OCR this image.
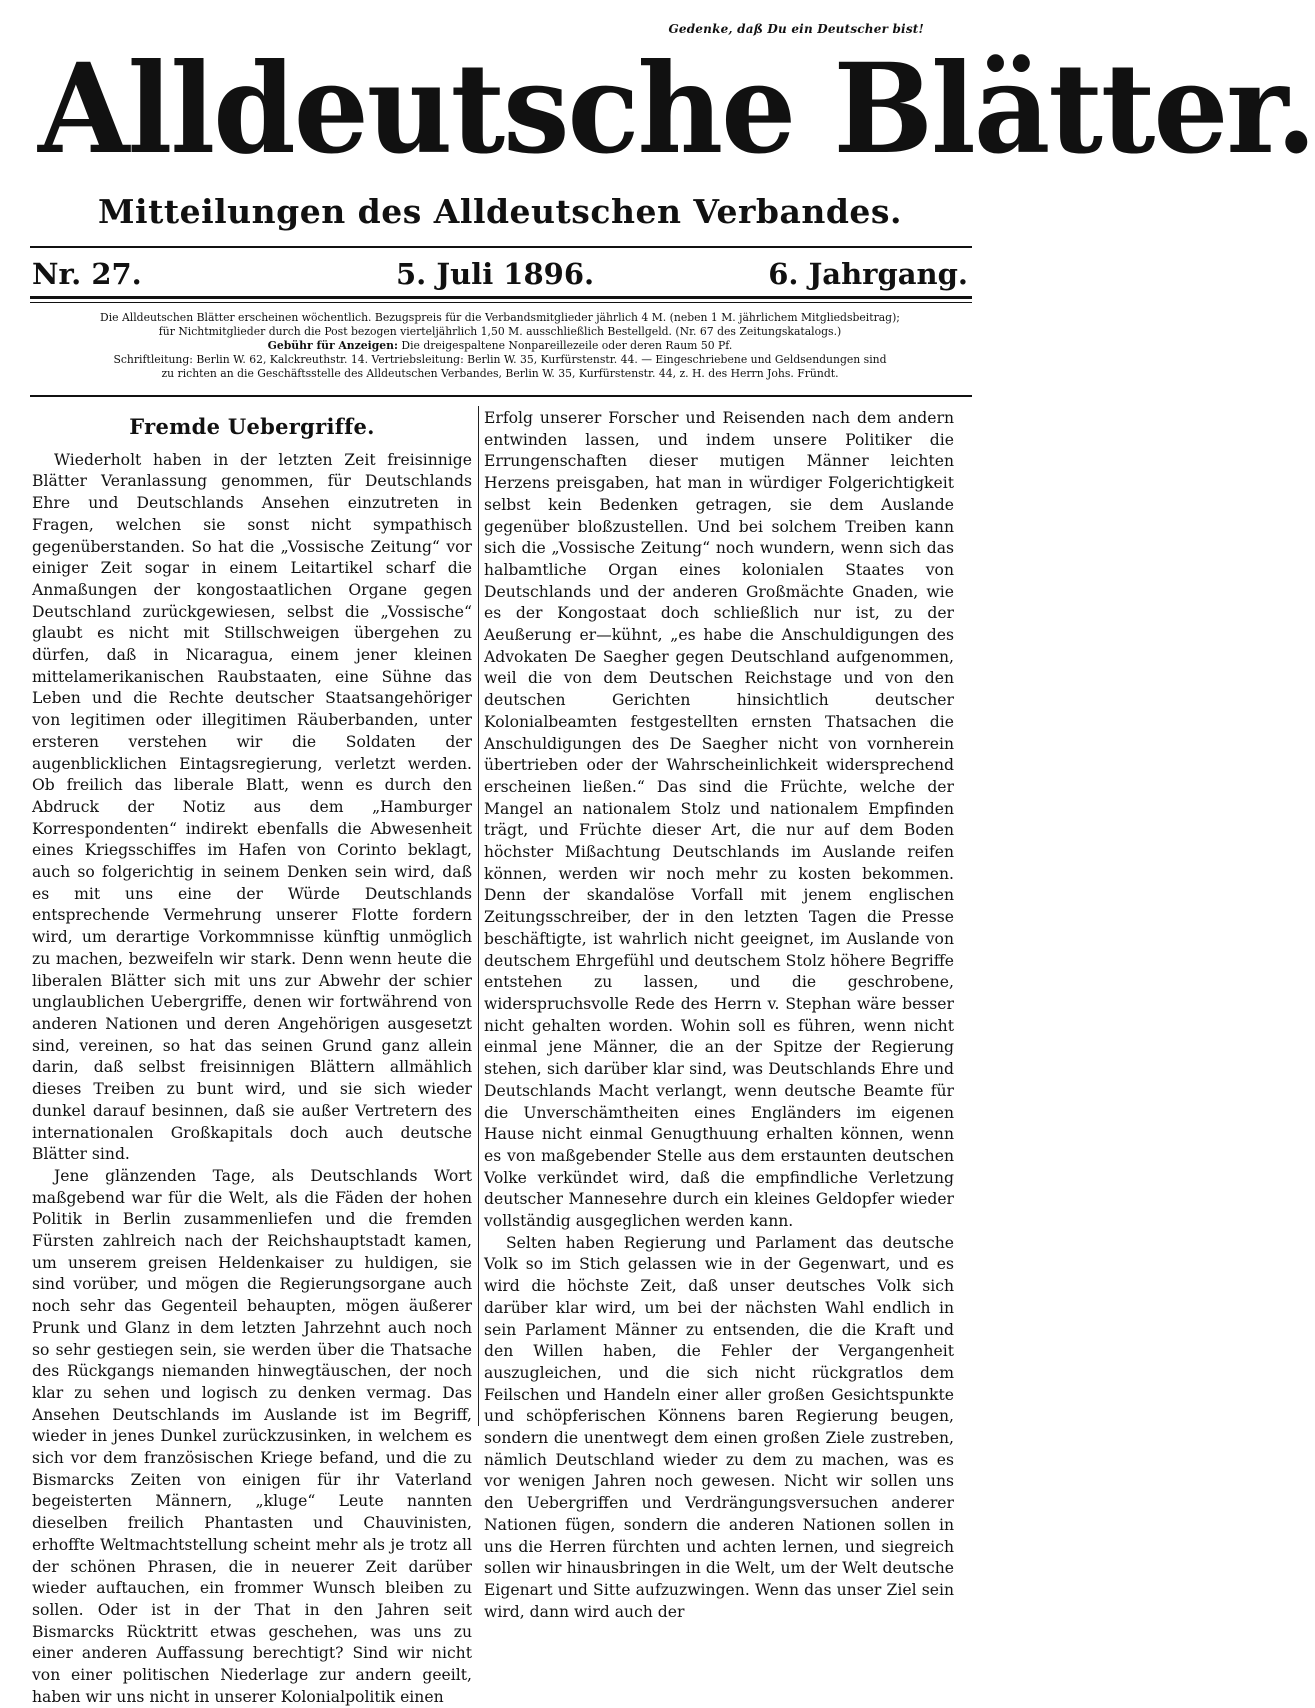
Gedenke, daß Du ein Deutscher bist!
Alldeutsche Blätter.
Mitteilungen des Alldeutschen Verbandes.
Nr. 27.	5. Juli 1896.	6. Jahrgang.

Die Alldeutschen Blätter erscheinen wöchentlich. Bezugspreis für die Verbandsmitglieder jährlich 4 M. (neben 1 M. jährlichem Mitgliedsbeitrag);

für Nichtmitglieder durch die Post bezogen vierteljährlich 1,50 M. ausschließlich Bestellgeld. (Nr. 67 des Zeitungskatalogs.)

Gebühr für Anzeigen: Die dreigespaltene Nonpareillezeile oder deren Raum 50 Pf.

Schriftleitung: Berlin W. 62, Kalckreuthstr. 14. Vertriebsleitung: Berlin W. 35, Kurfürstenstr. 44. — Eingeschriebene und Geldsendungen sind

zu richten an die Geschäftsstelle des Alldeutschen Verbandes, Berlin W. 35, Kurfürstenstr. 44, z. H. des Herrn Johs. Fründt.

Fremde Uebergriffe.

Wiederholt haben in der letzten Zeit freisinnige Blätter Veranlassung genommen, für Deutschlands Ehre und Deutschlands Ansehen einzutreten in Fragen, welchen sie sonst nicht sympathisch gegenüberstanden. So hat die „Vossische Zeitung“ vor einiger Zeit sogar in einem Leitartikel scharf die Anmaßungen der kongostaatlichen Organe gegen Deutschland zurückgewiesen, selbst die „Vossische“ glaubt es nicht mit Stillschweigen übergehen zu dürfen, daß in Nicaragua, einem jener kleinen mittelamerikanischen Raubstaaten, eine Sühne das Leben und die Rechte deutscher Staatsangehöriger von legitimen oder illegitimen Räuberbanden, unter ersteren verstehen wir die Soldaten der augenblicklichen Eintagsregierung, verletzt werden. Ob freilich das liberale Blatt, wenn es durch den Abdruck der Notiz aus dem „Hamburger Korrespondenten“ indirekt ebenfalls die Abwesenheit eines Kriegsschiffes im Hafen von Corinto beklagt, auch so folgerichtig in seinem Denken sein wird, daß es mit uns eine der Würde Deutschlands entsprechende Vermehrung unserer Flotte fordern wird, um derartige Vorkommnisse künftig unmöglich zu machen, bezweifeln wir stark. Denn wenn heute die liberalen Blätter sich mit uns zur Abwehr der schier unglaublichen Uebergriffe, denen wir fortwährend von anderen Nationen und deren Angehörigen ausgesetzt sind, vereinen, so hat das seinen Grund ganz allein darin, daß selbst freisinnigen Blättern allmählich dieses Treiben zu bunt wird, und sie sich wieder dunkel darauf besinnen, daß sie außer Vertretern des internationalen Großkapitals doch auch deutsche Blätter sind.

Jene glänzenden Tage, als Deutschlands Wort maßgebend war für die Welt, als die Fäden der hohen Politik in Berlin zusammenliefen und die fremden Fürsten zahlreich nach der Reichshauptstadt kamen, um unserem greisen Heldenkaiser zu huldigen, sie sind vorüber, und mögen die Regierungsorgane auch noch sehr das Gegenteil behaupten, mögen äußerer Prunk und Glanz in dem letzten Jahrzehnt auch noch so sehr gestiegen sein, sie werden über die Thatsache des Rückgangs niemanden hinwegtäuschen, der noch klar zu sehen und logisch zu denken vermag. Das Ansehen Deutschlands im Auslande ist im Begriff, wieder in jenes Dunkel zurückzusinken, in welchem es sich vor dem französischen Kriege befand, und die zu Bismarcks Zeiten von einigen für ihr Vaterland begeisterten Männern, „kluge“ Leute nannten dieselben freilich Phantasten und Chauvinisten, erhoffte Weltmachtstellung scheint mehr als je trotz all der schönen Phrasen, die in neuerer Zeit darüber wieder auftauchen, ein frommer Wunsch bleiben zu sollen. Oder ist in der That in den Jahren seit Bismarcks Rücktritt etwas geschehen, was uns zu einer anderen Auffassung berechtigt? Sind wir nicht von einer politischen Niederlage zur andern geeilt, haben wir uns nicht in unserer Kolonialpolitik einen

Erfolg unserer Forscher und Reisenden nach dem andern entwinden lassen, und indem unsere Politiker die Errungenschaften dieser mutigen Männer leichten Herzens preisgaben, hat man in würdiger Folgerichtigkeit selbst kein Bedenken getragen, sie dem Auslande gegenüber bloßzustellen. Und bei solchem Treiben kann sich die „Vossische Zeitung“ noch wundern, wenn sich das halbamtliche Organ eines kolonialen Staates von Deutschlands und der anderen Großmächte Gnaden, wie es der Kongostaat doch schließlich nur ist, zu der Aeußerung er—kühnt, „es habe die Anschuldigungen des Advokaten De Saegher gegen Deutschland aufgenommen, weil die von dem Deutschen Reichstage und von den deutschen Gerichten hinsichtlich deutscher Kolonialbeamten festgestellten ernsten Thatsachen die Anschuldigungen des De Saegher nicht von vornherein übertrieben oder der Wahrscheinlichkeit widersprechend erscheinen ließen.“ Das sind die Früchte, welche der Mangel an nationalem Stolz und nationalem Empfinden trägt, und Früchte dieser Art, die nur auf dem Boden höchster Mißachtung Deutschlands im Auslande reifen können, werden wir noch mehr zu kosten bekommen. Denn der skandalöse Vorfall mit jenem englischen Zeitungsschreiber, der in den letzten Tagen die Presse beschäftigte, ist wahrlich nicht geeignet, im Auslande von deutschem Ehrgefühl und deutschem Stolz höhere Begriffe entstehen zu lassen, und die geschrobene, widerspruchsvolle Rede des Herrn v. Stephan wäre besser nicht gehalten worden. Wohin soll es führen, wenn nicht einmal jene Männer, die an der Spitze der Regierung stehen, sich darüber klar sind, was Deutschlands Ehre und Deutschlands Macht verlangt, wenn deutsche Beamte für die Unverschämtheiten eines Engländers im eigenen Hause nicht einmal Genugthuung erhalten können, wenn es von maßgebender Stelle aus dem erstaunten deutschen Volke verkündet wird, daß die empfindliche Verletzung deutscher Mannesehre durch ein kleines Geldopfer wieder vollständig ausgeglichen werden kann.

Selten haben Regierung und Parlament das deutsche Volk so im Stich gelassen wie in der Gegenwart, und es wird die höchste Zeit, daß unser deutsches Volk sich darüber klar wird, um bei der nächsten Wahl endlich in sein Parlament Männer zu entsenden, die die Kraft und den Willen haben, die Fehler der Vergangenheit auszugleichen, und die sich nicht rückgratlos dem Feilschen und Handeln einer aller großen Gesichtspunkte und schöpferischen Könnens baren Regierung beugen, sondern die unentwegt dem einen großen Ziele zustreben, nämlich Deutschland wieder zu dem zu machen, was es vor wenigen Jahren noch gewesen. Nicht wir sollen uns den Uebergriffen und Verdrängungsversuchen anderer Nationen fügen, sondern die anderen Nationen sollen in uns die Herren fürchten und achten lernen, und siegreich sollen wir hinausbringen in die Welt, um der Welt deutsche Eigenart und Sitte aufzuzwingen. Wenn das unser Ziel sein wird, dann wird auch der
